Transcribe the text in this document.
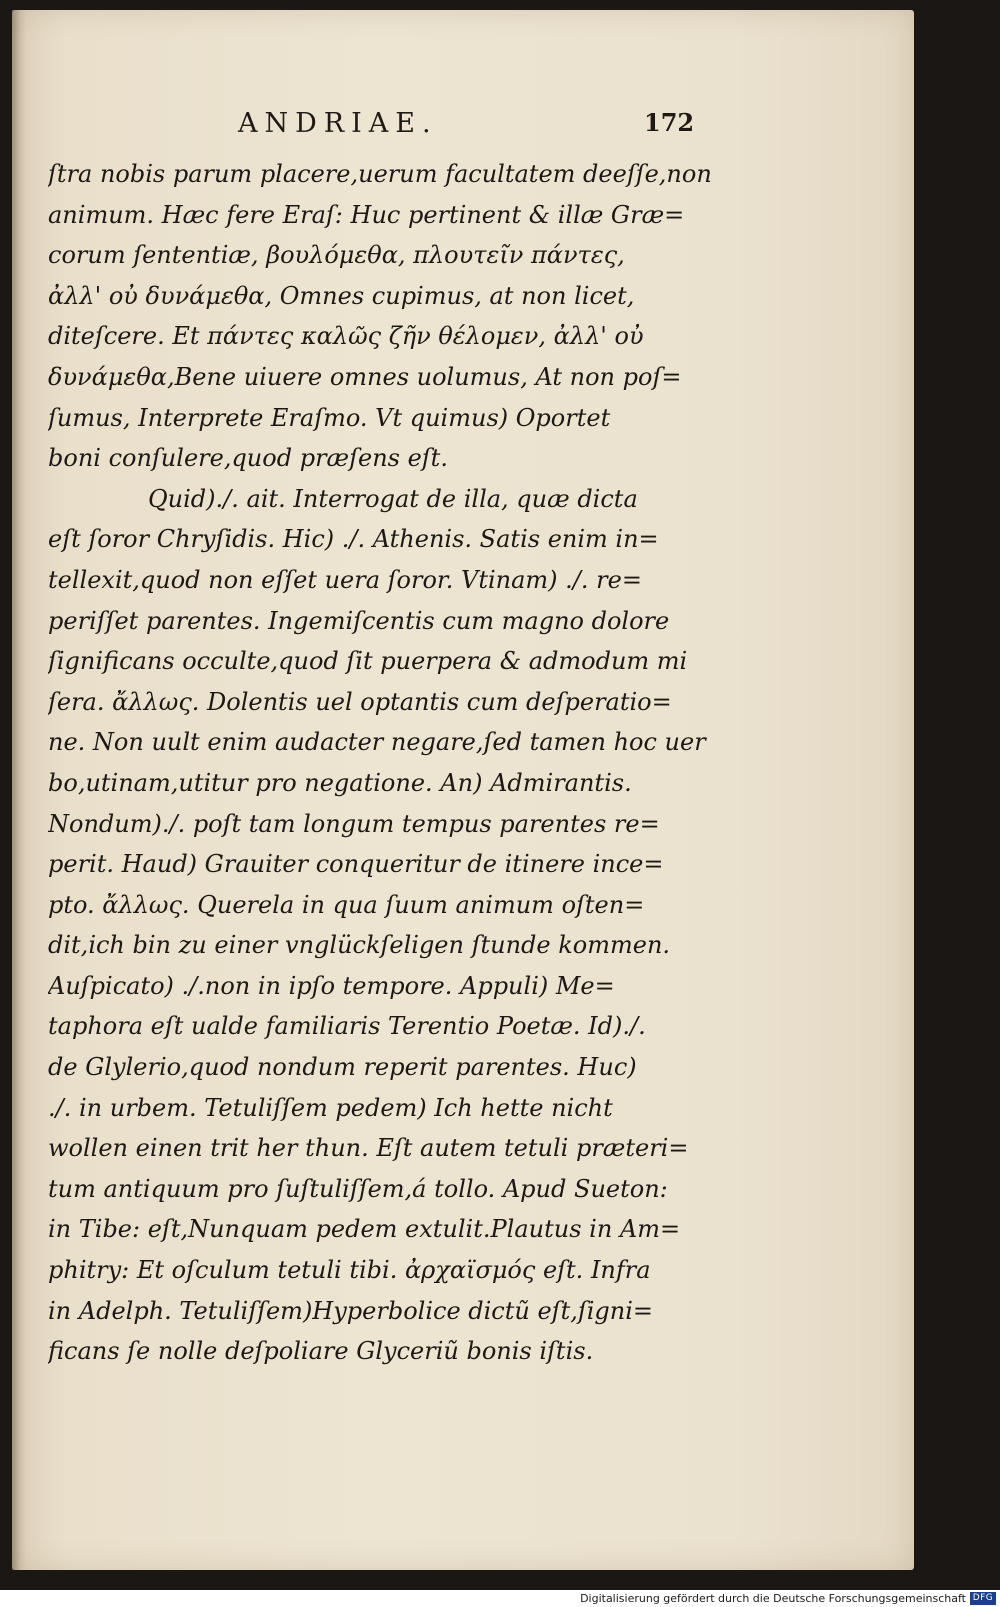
ANDRIAE.	172
ſtra nobis parum placere,uerum facultatem deeſſe,non
animum. Hæc fere Eraſ: Huc pertinent & illæ Græ=
corum ſententiæ, βουλόμεθα, πλουτεῖν πάντες,
ἀλλ' οὐ δυνάμεθα, Omnes cupimus, at non licet,
diteſcere. Et πάντες καλῶς ζῆν θέλομεν, ἀλλ' οὐ
δυνάμεθα,Bene uiuere omnes uolumus, At non poſ=
ſumus, Interprete Eraſmo. Vt quimus) Oportet
boni conſulere,quod præſens eſt.
Quid)./. ait. Interrogat de illa, quæ dicta
eſt ſoror Chryſidis. Hic) ./. Athenis. Satis enim in=
tellexit,quod non eſſet uera ſoror. Vtinam) ./. re=
periſſet parentes. Ingemiſcentis cum magno dolore
ſignificans occulte,quod ſit puerpera & admodum mi
ſera. ἄλλως. Dolentis uel optantis cum deſperatio=
ne. Non uult enim audacter negare,ſed tamen hoc uer
bo,utinam,utitur pro negatione. An) Admirantis.
Nondum)./. poſt tam longum tempus parentes re=
perit. Haud) Grauiter conqueritur de itinere ince=
pto. ἄλλως. Querela in qua ſuum animum oſten=
dit,ich bin zu einer vnglückſeligen ſtunde kommen.
Auſpicato) ./.non in ipſo tempore. Appuli) Me=
taphora eſt ualde familiaris Terentio Poetæ. Id)./.
de Glylerio,quod nondum reperit parentes. Huc)
./. in urbem. Tetuliſſem pedem) Ich hette nicht
wollen einen trit her thun. Eſt autem tetuli præteri=
tum antiquum pro ſuſtuliſſem,á tollo. Apud Sueton:
in Tibe: eſt,Nunquam pedem extulit.Plautus in Am=
phitry: Et oſculum tetuli tibi. ἀρχαϊσμός eſt. Infra
in Adelph. Tetuliſſem)Hyperbolice dictũ eſt,ſigni=
ficans ſe nolle deſpoliare Glyceriũ bonis iſtis.
Digitalisierung gefördert durch die Deutsche Forschungsgemeinschaft DFG
